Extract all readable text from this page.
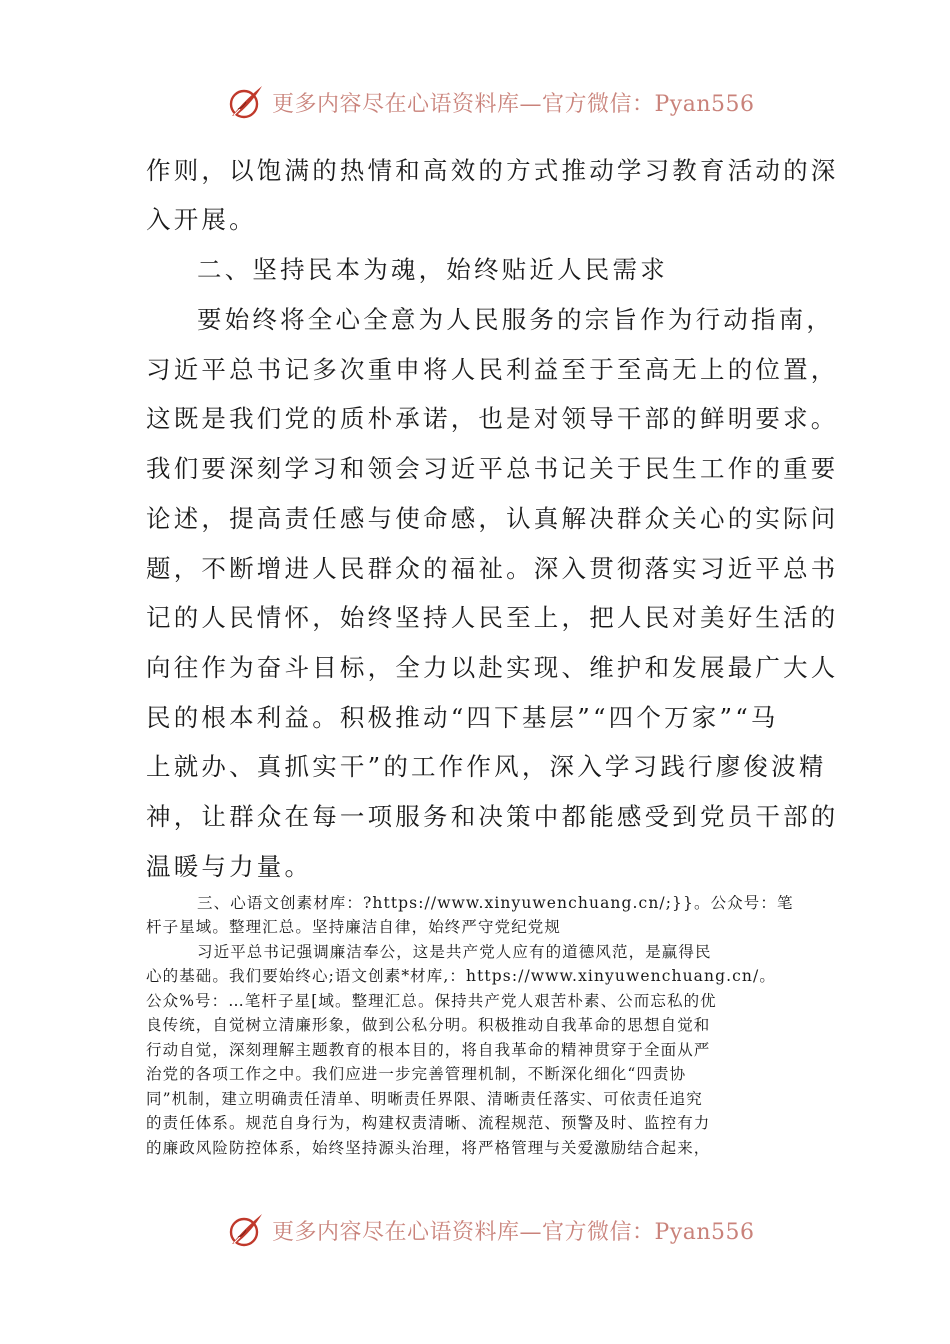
更多内容尽在心语资料库—官方微信：Pyan556

作则，以饱满的热情和高效的方式推动学习教育活动的深

入开展。

二、坚持民本为魂，始终贴近人民需求

要始终将全心全意为人民服务的宗旨作为行动指南，

习近平总书记多次重申将人民利益至于至高无上的位置，

这既是我们党的质朴承诺，也是对领导干部的鲜明要求。

我们要深刻学习和领会习近平总书记关于民生工作的重要

论述，提高责任感与使命感，认真解决群众关心的实际问

题，不断增进人民群众的福祉。深入贯彻落实习近平总书

记的人民情怀，始终坚持人民至上，把人民对美好生活的

向往作为奋斗目标，全力以赴实现、维护和发展最广大人

民的根本利益。积极推动“四下基层”“四个万家”“马

上就办、真抓实干”的工作作风，深入学习践行廖俊波精

神，让群众在每一项服务和决策中都能感受到党员干部的

温暖与力量。

三、心语文创素材库：?https://www.xinyuwenchuang.cn/;}}。公众号：笔

杆子星域。整理汇总。坚持廉洁自律，始终严守党纪党规

习近平总书记强调廉洁奉公，这是共产党人应有的道德风范，是赢得民

心的基础。我们要始终心;语文创素*材库,：https://www.xinyuwenchuang.cn/。

公众%号：…笔杆子星[域。整理汇总。保持共产党人艰苦朴素、公而忘私的优

良传统，自觉树立清廉形象，做到公私分明。积极推动自我革命的思想自觉和

行动自觉，深刻理解主题教育的根本目的，将自我革命的精神贯穿于全面从严

治党的各项工作之中。我们应进一步完善管理机制，不断深化细化“四责协

同”机制，建立明确责任清单、明晰责任界限、清晰责任落实、可依责任追究

的责任体系。规范自身行为，构建权责清晰、流程规范、预警及时、监控有力

的廉政风险防控体系，始终坚持源头治理，将严格管理与关爱激励结合起来，

更多内容尽在心语资料库—官方微信：Pyan556
